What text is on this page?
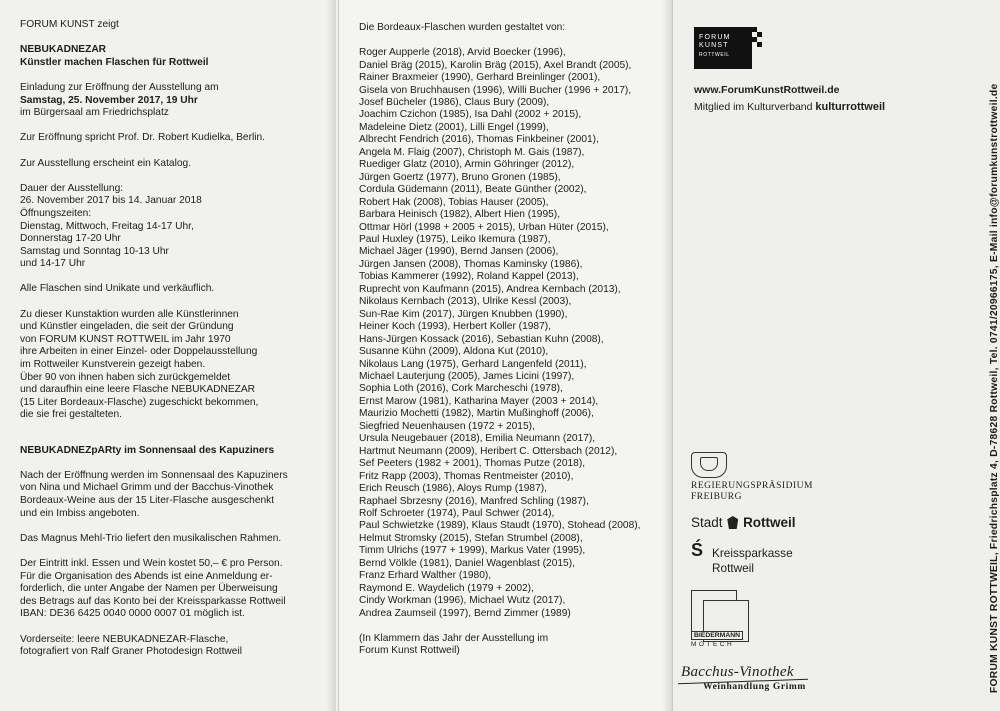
FORUM KUNST zeigt

NEBUKADNEZAR

Künstler machen Flaschen für Rottweil

Einladung zur Eröffnung der Ausstellung am

Samstag, 25. November 2017, 19 Uhr

im Bürgersaal am Friedrichsplatz

Zur Eröffnung spricht Prof. Dr. Robert Kudielka, Berlin.

Zur Ausstellung erscheint ein Katalog.

Dauer der Ausstellung:
26. November 2017 bis 14. Januar 2018
Öffnungszeiten:
Dienstag, Mittwoch, Freitag 14-17 Uhr,
Donnerstag 17-20 Uhr
Samstag und Sonntag 10-13 Uhr
und 14-17 Uhr

Alle Flaschen sind Unikate und verkäuflich.

Zu dieser Kunstaktion wurden alle Künstlerinnen
und Künstler eingeladen, die seit der Gründung
von FORUM KUNST ROTTWEIL im Jahr 1970
ihre Arbeiten in einer Einzel- oder Doppelausstellung
im Rottweiler Kunstverein gezeigt haben.
Über 90 von ihnen haben sich zurückgemeldet
und daraufhin eine leere Flasche NEBUKADNEZAR
(15 Liter Bordeaux-Flasche) zugeschickt bekommen,
die sie frei gestalteten.

NEBUKADNEZpARty im Sonnensaal des Kapuziners

Nach der Eröffnung werden im Sonnensaal des Kapuziners
von Nina und Michael Grimm und der Bacchus-Vinothek
Bordeaux-Weine aus der 15 Liter-Flasche ausgeschenkt
und ein Imbiss angeboten.

Das Magnus Mehl-Trio liefert den musikalischen Rahmen.

Der Eintritt inkl. Essen und Wein kostet 50,– € pro Person.
Für die Organisation des Abends ist eine Anmeldung er-
forderlich, die unter Angabe der Namen per Überweisung
des Betrags auf das Konto bei der Kreissparkasse Rottweil
IBAN: DE36 6425 0040 0000 0007 01 möglich ist.

Vorderseite: leere NEBUKADNEZAR-Flasche,
fotografiert von Ralf Graner Photodesign Rottweil

Die Bordeaux-Flaschen wurden gestaltet von:

Roger Aupperle (2018), Arvid Boecker (1996),

Daniel Bräg (2015), Karolin Bräg (2015), Axel Brandt (2005),

Rainer Braxmeier (1990), Gerhard Breinlinger (2001),

Gisela von Bruchhausen (1996), Willi Bucher (1996 + 2017),

Josef Bücheler (1986), Claus Bury (2009),

Joachim Czichon (1985), Isa Dahl (2002 + 2015),

Madeleine Dietz (2001), Lilli Engel (1999),

Albrecht Fendrich (2016), Thomas Finkbeiner (2001),

Angela M. Flaig (2007), Christoph M. Gais (1987),

Ruediger Glatz (2010), Armin Göhringer (2012),

Jürgen Goertz (1977), Bruno Gronen (1985),

Cordula Güdemann (2011), Beate Günther (2002),

Robert Hak (2008), Tobias Hauser (2005),

Barbara Heinisch (1982), Albert Hien (1995),

Ottmar Hörl (1998 + 2005 + 2015), Urban Hüter (2015),

Paul Huxley (1975), Leiko Ikemura (1987),

Michael Jäger (1990), Bernd Jansen (2006),

Jürgen Jansen (2008), Thomas Kaminsky (1986),

Tobias Kammerer (1992), Roland Kappel (2013),

Ruprecht von Kaufmann (2015), Andrea Kernbach (2013),

Nikolaus Kernbach (2013), Ulrike Kessl (2003),

Sun-Rae Kim (2017), Jürgen Knubben (1990),

Heiner Koch (1993), Herbert Koller (1987),

Hans-Jürgen Kossack (2016), Sebastian Kuhn (2008),

Susanne Kühn (2009), Aldona Kut (2010),

Nikolaus Lang (1975), Gerhard Langenfeld (2011),

Michael Lauterjung (2005), James Licini (1997),

Sophia Loth (2016), Cork Marcheschi (1978),

Ernst Marow (1981), Katharina Mayer (2003 + 2014),

Maurizio Mochetti (1982), Martin Mußinghoff (2006),

Siegfried Neuenhausen (1972 + 2015),

Ursula Neugebauer (2018), Emilia Neumann (2017),

Hartmut Neumann (2009), Heribert C. Ottersbach (2012),

Sef Peeters (1982 + 2001), Thomas Putze (2018),

Fritz Rapp (2003), Thomas Rentmeister (2010),

Erich Reusch (1986), Aloys Rump (1987),

Raphael Sbrzesny (2016), Manfred Schling (1987),

Rolf Schroeter (1974), Paul Schwer (2014),

Paul Schwietzke (1989), Klaus Staudt (1970), Stohead (2008),

Helmut Stromsky (2015), Stefan Strumbel (2008),

Timm Ulrichs (1977 + 1999), Markus Vater (1995),

Bernd Völkle (1981), Daniel Wagenblast (2015),

Franz Erhard Walther (1980),

Raymond E. Waydelich (1979 + 2002),

Cindy Workman (1996), Michael Wutz (2017),

Andrea Zaumseil (1997), Bernd Zimmer (1989)

(In Klammern das Jahr der Ausstellung im
Forum Kunst Rottweil)

FORUM
KUNST
ROTTWEIL
www.ForumKunstRottweil.de
Mitglied im Kulturverband kulturrottweil
REGIERUNGSPRÄSIDIUM
FREIBURG
Stadt Rottweil
Ś Kreissparkasse
Rottweil
BIEDERMANN
MOTECH
Bacchus-Vinothek
Weinhandlung Grimm	FORUM KUNST ROTTWEIL, Friedrichsplatz 4, D-78628 Rottweil, Tel. 0741/20966175, E-Mail info@forumkunstrottweil.de
